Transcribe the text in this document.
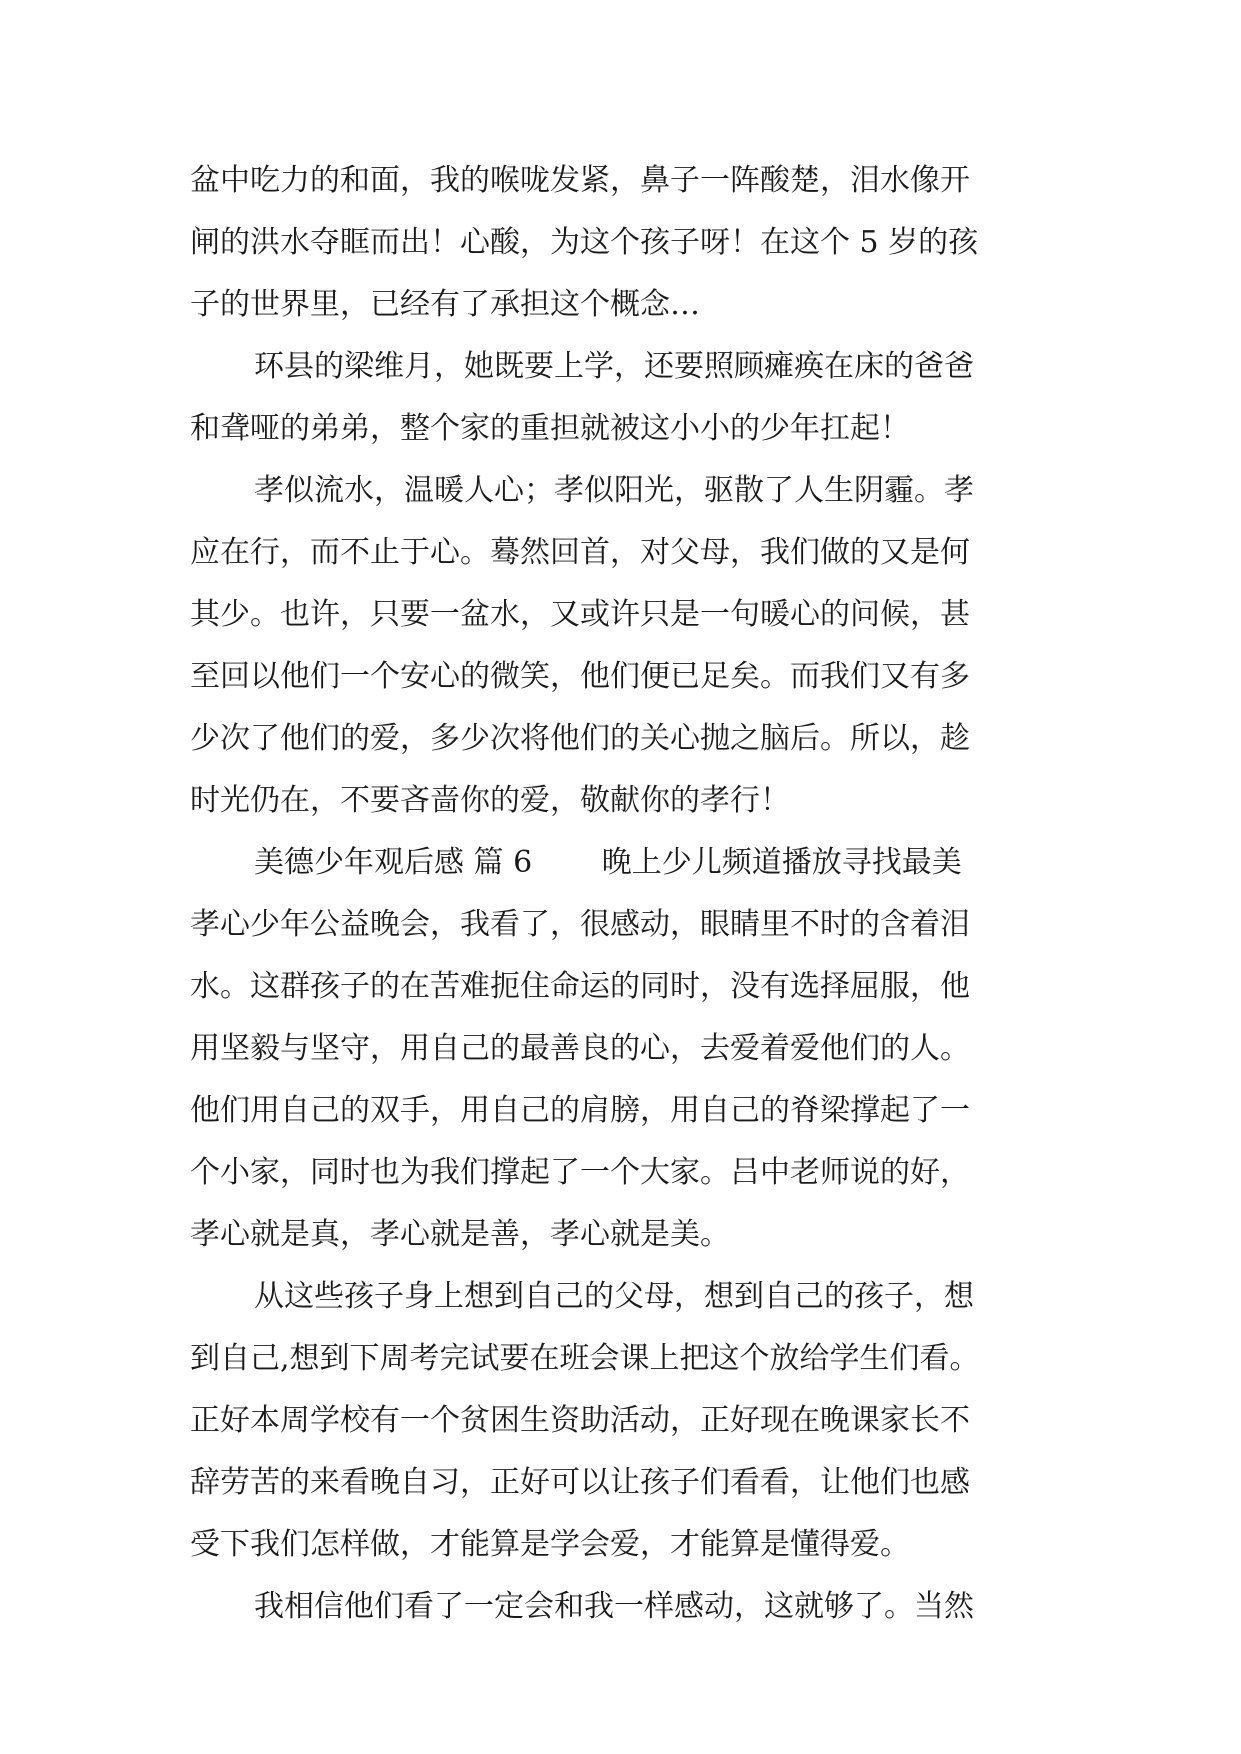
盆中吃力的和面，我的喉咙发紧，鼻子一阵酸楚，泪水像开
闸的洪水夺眶而出！心酸，为这个孩子呀！在这个 5 岁的孩
子的世界里，已经有了承担这个概念…
环县的梁维月，她既要上学，还要照顾瘫痪在床的爸爸
和聋哑的弟弟，整个家的重担就被这小小的少年扛起！
孝似流水，温暖人心；孝似阳光，驱散了人生阴霾。孝
应在行，而不止于心。蓦然回首，对父母，我们做的又是何
其少。也许，只要一盆水，又或许只是一句暖心的问候，甚
至回以他们一个安心的微笑，他们便已足矣。而我们又有多
少次了他们的爱，多少次将他们的关心抛之脑后。所以，趁
时光仍在，不要吝啬你的爱，敬献你的孝行！
美德少年观后感 篇 6 　　晚上少儿频道播放寻找最美
孝心少年公益晚会，我看了，很感动，眼睛里不时的含着泪
水。这群孩子的在苦难扼住命运的同时，没有选择屈服，他
用坚毅与坚守，用自己的最善良的心，去爱着爱他们的人。
他们用自己的双手，用自己的肩膀，用自己的脊梁撑起了一
个小家，同时也为我们撑起了一个大家。吕中老师说的好，
孝心就是真，孝心就是善，孝心就是美。
从这些孩子身上想到自己的父母，想到自己的孩子，想
到自己,想到下周考完试要在班会课上把这个放给学生们看。
正好本周学校有一个贫困生资助活动，正好现在晚课家长不
辞劳苦的来看晚自习，正好可以让孩子们看看，让他们也感
受下我们怎样做，才能算是学会爱，才能算是懂得爱。
我相信他们看了一定会和我一样感动，这就够了。当然
